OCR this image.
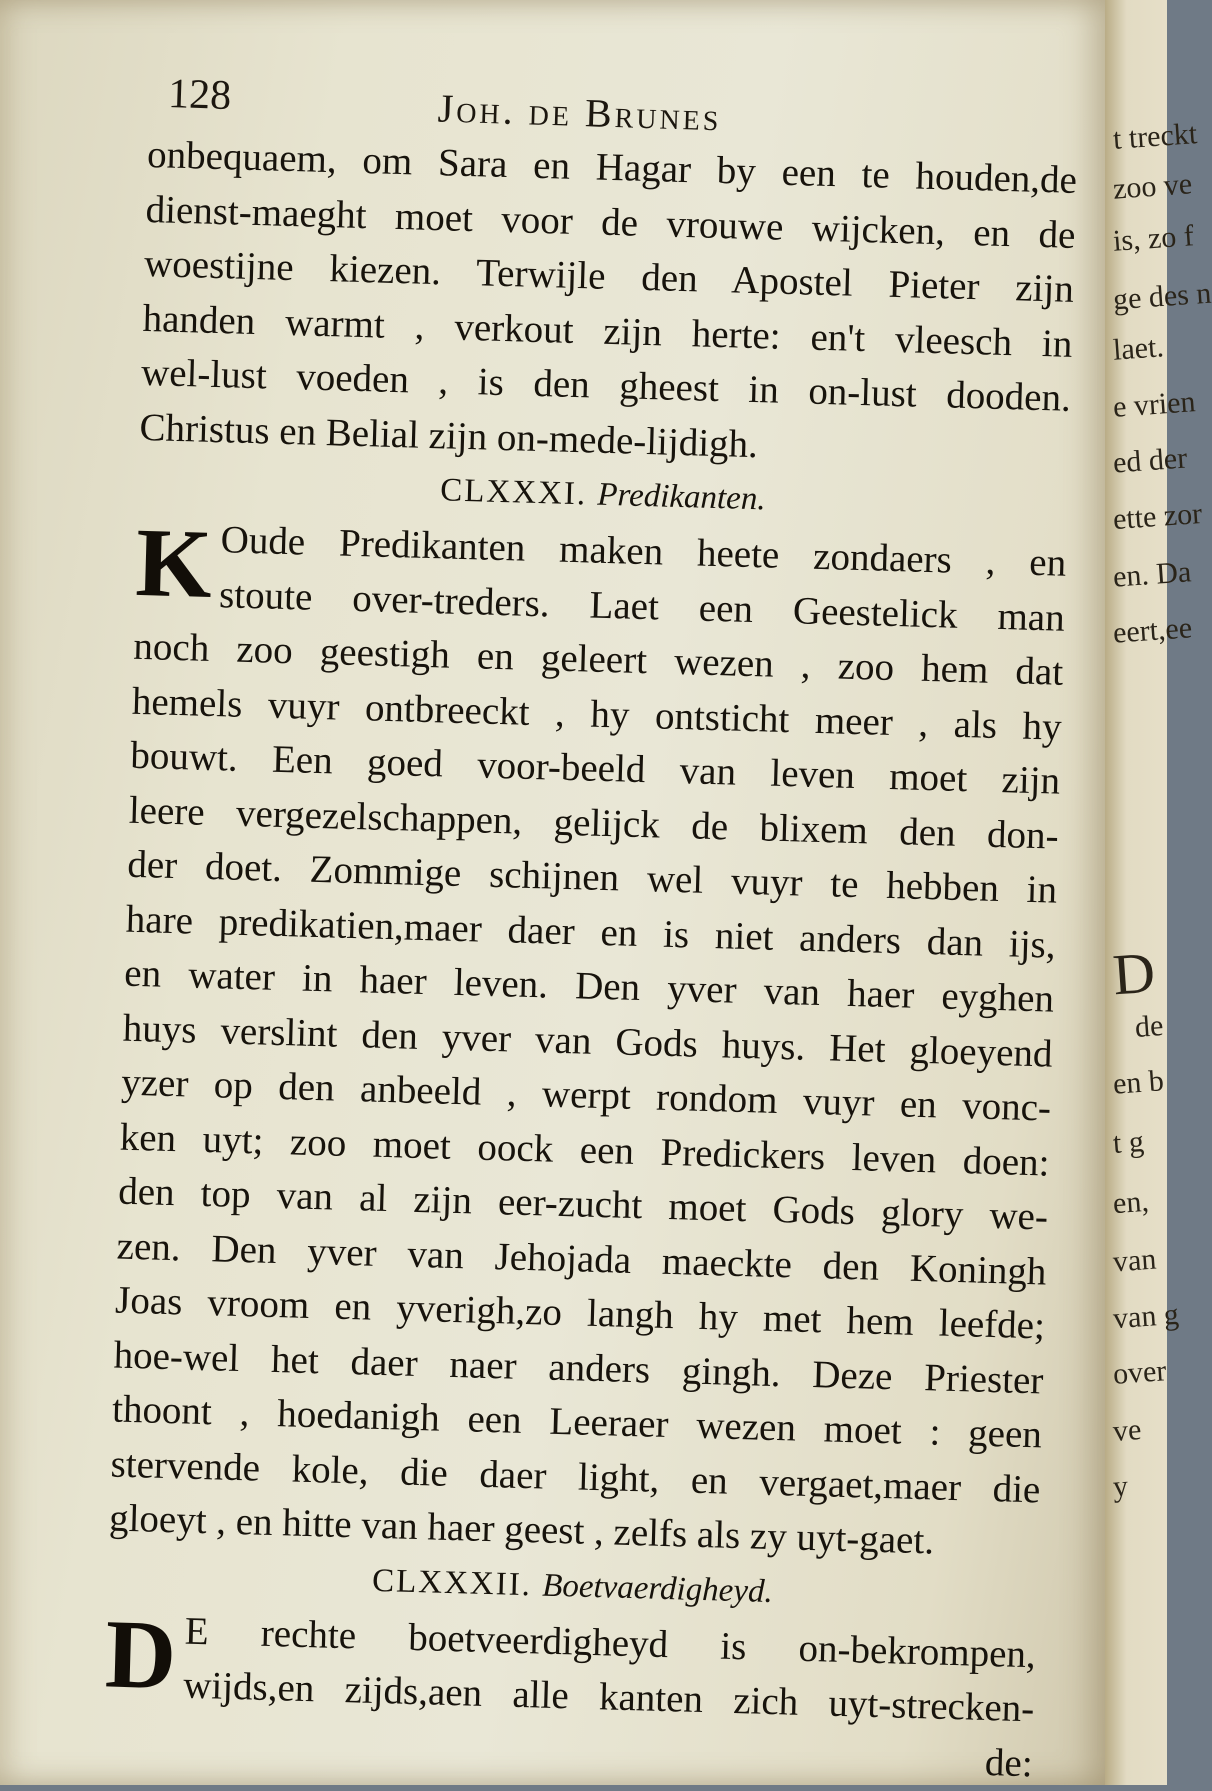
128	Joh. de Brunes
onbequaem, om Sara en Hagar by een te houden,de
dienst-maeght moet voor de vrouwe wijcken, en de
woestijne kiezen. Terwijle den Apostel Pieter zijn
handen warmt , verkout zijn herte: en't vleesch in
wel-lust voeden , is den gheest in on-lust dooden.
Christus en Belial zijn on-mede-lijdigh.
CLXXXI. Predikanten.
K Oude Predikanten maken heete zondaers , en
stoute over-treders. Laet een Geestelick man
noch zoo geestigh en geleert wezen , zoo hem dat
hemels vuyr ontbreeckt , hy ontsticht meer , als hy
bouwt. Een goed voor-beeld van leven moet zijn
leere vergezelschappen, gelijck de blixem den don-
der doet. Zommige schijnen wel vuyr te hebben in
hare predikatien,maer daer en is niet anders dan ijs,
en water in haer leven. Den yver van haer eyghen
huys verslint den yver van Gods huys. Het gloeyend
yzer op den anbeeld , werpt rondom vuyr en vonc-
ken uyt; zoo moet oock een Predickers leven doen:
den top van al zijn eer-zucht moet Gods glory we-
zen. Den yver van Jehojada maeckte den Koningh
Joas vroom en yverigh,zo langh hy met hem leefde;
hoe-wel het daer naer anders gingh. Deze Priester
thoont , hoedanigh een Leeraer wezen moet : geen
stervende kole, die daer light, en vergaet,maer die
gloeyt , en hitte van haer geest , zelfs als zy uyt-gaet.
CLXXXII. Boetvaerdigheyd.
D E rechte boetveerdigheyd is on-bekrompen,
wijds,en zijds,aen alle kanten zich uyt-strecken-
de:
t treckt
zoo ve
is, zo f
ge des n
laet.
e vrien
ed der
ette zor
en. Da
eert,ee
D
de
en b
t g
en,
van
van g
over
ve
y
